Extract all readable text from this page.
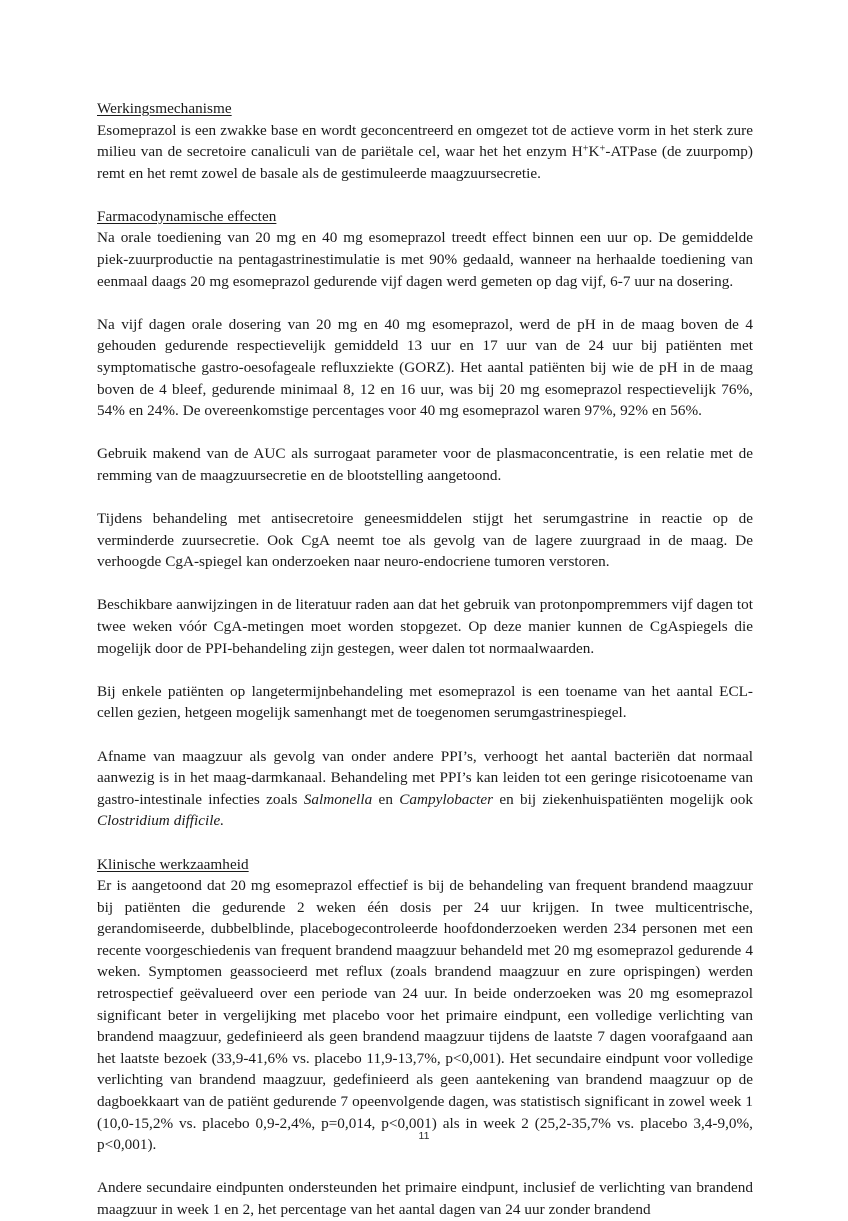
Werkingsmechanisme

Esomeprazol is een zwakke base en wordt geconcentreerd en omgezet tot de actieve vorm in het sterk zure milieu van de secretoire canaliculi van de pariëtale cel, waar het het enzym H+K+-ATPase (de zuurpomp) remt en het remt zowel de basale als de gestimuleerde maagzuursecretie.

Farmacodynamische effecten

Na orale toediening van 20 mg en 40 mg esomeprazol treedt effect binnen een uur op. De gemiddelde piek-zuurproductie na pentagastrinestimulatie is met 90% gedaald, wanneer na herhaalde toediening van eenmaal daags 20 mg esomeprazol gedurende vijf dagen werd gemeten op dag vijf, 6-7 uur na dosering.

Na vijf dagen orale dosering van 20 mg en 40 mg esomeprazol, werd de pH in de maag boven de 4 gehouden gedurende respectievelijk gemiddeld 13 uur en 17 uur van de 24 uur bij patiënten met symptomatische gastro-oesofageale refluxziekte (GORZ). Het aantal patiënten bij wie de pH in de maag boven de 4 bleef, gedurende minimaal 8, 12 en 16 uur, was bij 20 mg esomeprazol respectievelijk 76%, 54% en 24%. De overeenkomstige percentages voor 40 mg esomeprazol waren 97%, 92% en 56%.

Gebruik makend van de AUC als surrogaat parameter voor de plasmaconcentratie, is een relatie met de remming van de maagzuursecretie en de blootstelling aangetoond.

Tijdens behandeling met antisecretoire geneesmiddelen stijgt het serumgastrine in reactie op de verminderde zuursecretie. Ook CgA neemt toe als gevolg van de lagere zuurgraad in de maag. De verhoogde CgA-spiegel kan onderzoeken naar neuro-endocriene tumoren verstoren.

Beschikbare aanwijzingen in de literatuur raden aan dat het gebruik van protonpompremmers vijf dagen tot twee weken vóór CgA-metingen moet worden stopgezet. Op deze manier kunnen de CgAspiegels die mogelijk door de PPI-behandeling zijn gestegen, weer dalen tot normaalwaarden.

Bij enkele patiënten op langetermijnbehandeling met esomeprazol is een toename van het aantal ECL-cellen gezien, hetgeen mogelijk samenhangt met de toegenomen serumgastrinespiegel.

Afname van maagzuur als gevolg van onder andere PPI’s, verhoogt het aantal bacteriën dat normaal aanwezig is in het maag-darmkanaal. Behandeling met PPI’s kan leiden tot een geringe risicotoename van gastro-intestinale infecties zoals Salmonella en Campylobacter en bij ziekenhuispatiënten mogelijk ook Clostridium difficile.

Klinische werkzaamheid

Er is aangetoond dat 20 mg esomeprazol effectief is bij de behandeling van frequent brandend maagzuur bij patiënten die gedurende 2 weken één dosis per 24 uur krijgen. In twee multicentrische, gerandomiseerde, dubbelblinde, placebogecontroleerde hoofdonderzoeken werden 234 personen met een recente voorgeschiedenis van frequent brandend maagzuur behandeld met 20 mg esomeprazol gedurende 4 weken. Symptomen geassocieerd met reflux (zoals brandend maagzuur en zure oprispingen) werden retrospectief geëvalueerd over een periode van 24 uur. In beide onderzoeken was 20 mg esomeprazol significant beter in vergelijking met placebo voor het primaire eindpunt, een volledige verlichting van brandend maagzuur, gedefinieerd als geen brandend maagzuur tijdens de laatste 7 dagen voorafgaand aan het laatste bezoek (33,9-41,6% vs. placebo 11,9-13,7%, p<0,001). Het secundaire eindpunt voor volledige verlichting van brandend maagzuur, gedefinieerd als geen aantekening van brandend maagzuur op de dagboekkaart van de patiënt gedurende 7 opeenvolgende dagen, was statistisch significant in zowel week 1 (10,0-15,2% vs. placebo 0,9-2,4%, p=0,014, p<0,001) als in week 2 (25,2-35,7% vs. placebo 3,4-9,0%, p<0,001).

Andere secundaire eindpunten ondersteunden het primaire eindpunt, inclusief de verlichting van brandend maagzuur in week 1 en 2, het percentage van het aantal dagen van 24 uur zonder brandend

11
